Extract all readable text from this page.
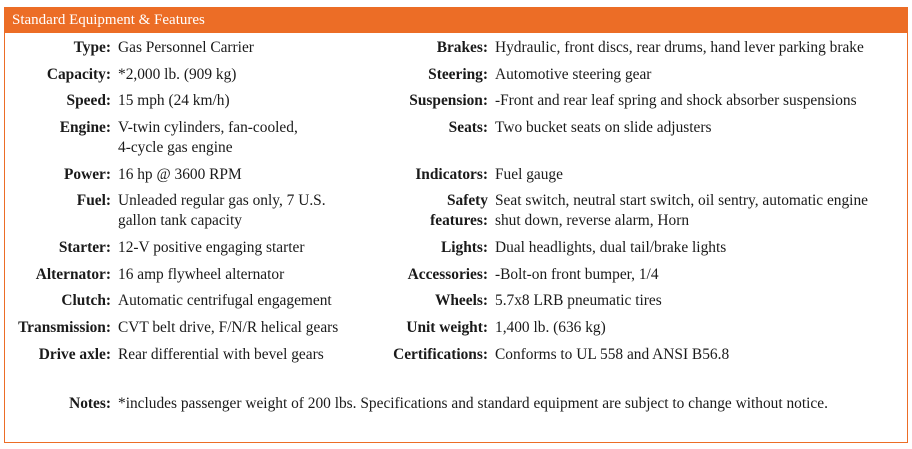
Standard Equipment & Features
Type: Gas Personnel Carrier
Capacity: *2,000 lb. (909 kg)
Speed: 15 mph (24 km/h)
Engine: V-twin cylinders, fan-cooled,
4-cycle gas engine
Power: 16 hp @ 3600 RPM
Fuel: Unleaded regular gas only, 7 U.S.
gallon tank capacity
Starter: 12-V positive engaging starter
Alternator: 16 amp flywheel alternator
Clutch: Automatic centrifugal engagement
Transmission: CVT belt drive, F/N/R helical gears
Drive axle: Rear differential with bevel gears
Brakes: Hydraulic, front discs, rear drums, hand lever parking brake
Steering: Automotive steering gear
Suspension: -Front and rear leaf spring and shock absorber suspensions
Seats: Two bucket seats on slide adjusters
Indicators: Fuel gauge
Safety
features:
Seat switch, neutral start switch, oil sentry, automatic engine
shut down, reverse alarm, Horn
Lights: Dual headlights, dual tail/brake lights
Accessories: -Bolt-on front bumper, 1/4
Wheels: 5.7x8 LRB pneumatic tires
Unit weight: 1,400 lb. (636 kg)
Certifications: Conforms to UL 558 and ANSI B56.8
Notes: *includes passenger weight of 200 lbs. Specifications and standard equipment are subject to change without notice.
